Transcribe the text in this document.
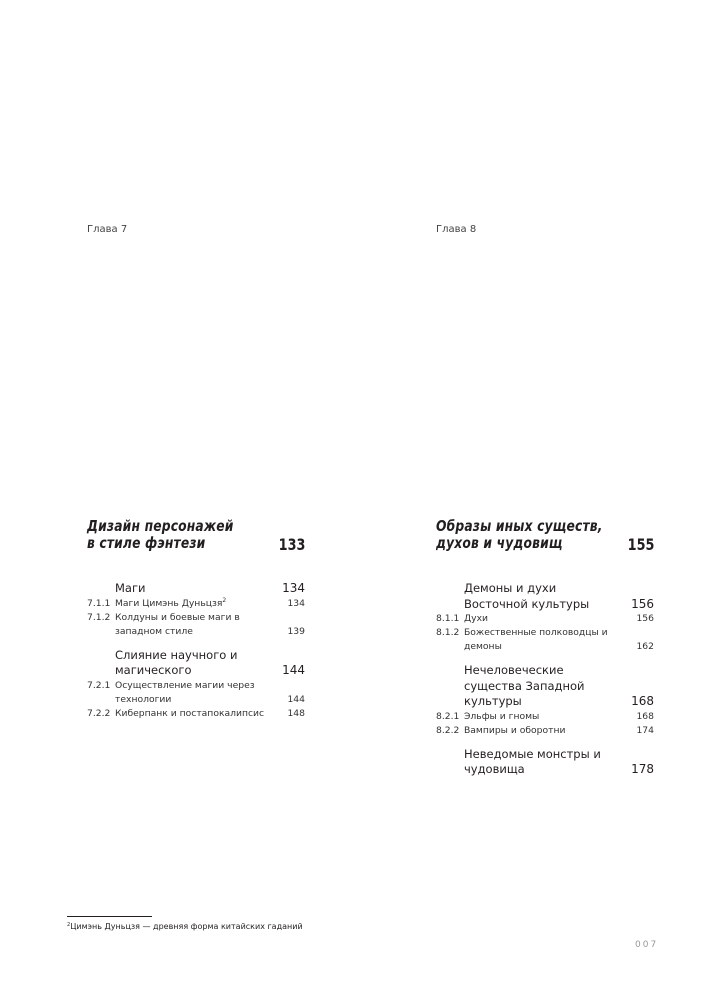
Глава 7
Дизайн персонажей
в стиле фэнтези	133
Маги	134
7.1.1 Маги Цимэнь Дуньцзя$^2$	134
7.1.2 Колдуны и боевые маги в западном стиле	139
Слияние научного и магического	144
7.2.1 Осуществление магии через технологии	144
7.2.2 Киберпанк и постапокалипсис	148
Глава 8
Образы иных существ,
духов и чудовищ	155
Демоны и духи Восточной культуры	156
8.1.1 Духи	156
8.1.2 Божественные полководцы и демоны	162
Нечеловеческие существа Западной культуры	168
8.2.1 Эльфы и гномы	168
8.2.2 Вампиры и оборотни	174
Неведомые монстры и чудовища	178
$^2$Цимэнь Дуньцзя — древняя форма китайских гаданий
007
